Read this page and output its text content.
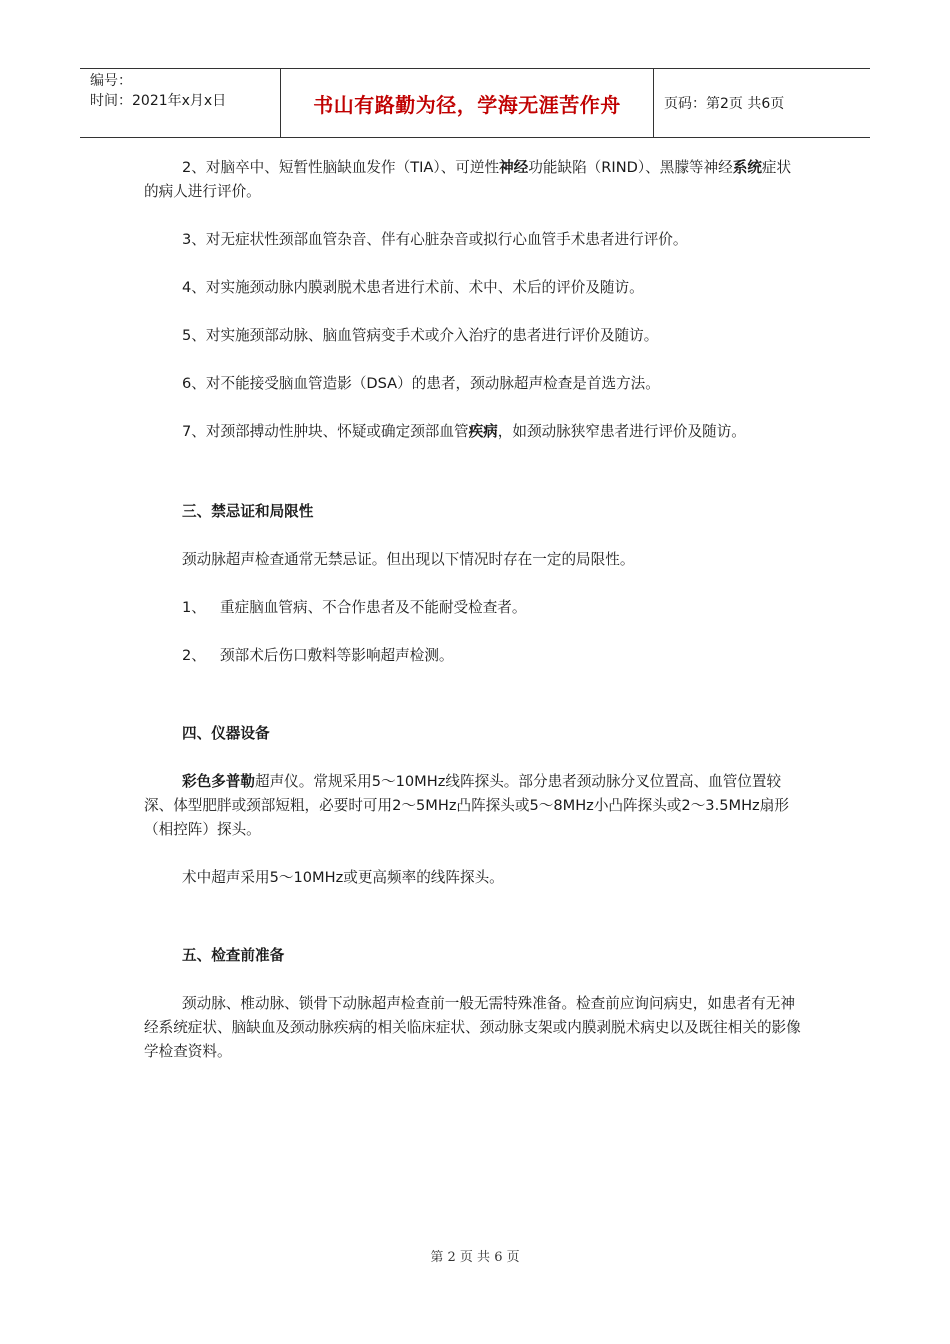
编号：
时间：2021年x月x日	书山有路勤为径，学海无涯苦作舟	页码：第2页 共6页

2、对脑卒中、短暂性脑缺血发作（TIA）、可逆性神经功能缺陷（RIND）、黑朦等神经系统症状的病人进行评价。

3、对无症状性颈部血管杂音、伴有心脏杂音或拟行心血管手术患者进行评价。

4、对实施颈动脉内膜剥脱术患者进行术前、术中、术后的评价及随访。

5、对实施颈部动脉、脑血管病变手术或介入治疗的患者进行评价及随访。

6、对不能接受脑血管造影（DSA）的患者，颈动脉超声检查是首选方法。

7、对颈部搏动性肿块、怀疑或确定颈部血管疾病，如颈动脉狭窄患者进行评价及随访。

三、禁忌证和局限性

颈动脉超声检查通常无禁忌证。但出现以下情况时存在一定的局限性。

1、 重症脑血管病、不合作患者及不能耐受检查者。

2、 颈部术后伤口敷料等影响超声检测。

四、仪器设备

彩色多普勒超声仪。常规采用5～10MHz线阵探头。部分患者颈动脉分叉位置高、血管位置较深、体型肥胖或颈部短粗，必要时可用2～5MHz凸阵探头或5～8MHz小凸阵探头或2～3.5MHz扇形（相控阵）探头。

术中超声采用5～10MHz或更高频率的线阵探头。

五、检查前准备

颈动脉、椎动脉、锁骨下动脉超声检查前一般无需特殊准备。检查前应询问病史，如患者有无神经系统症状、脑缺血及颈动脉疾病的相关临床症状、颈动脉支架或内膜剥脱术病史以及既往相关的影像学检查资料。

第 2 页 共 6 页
